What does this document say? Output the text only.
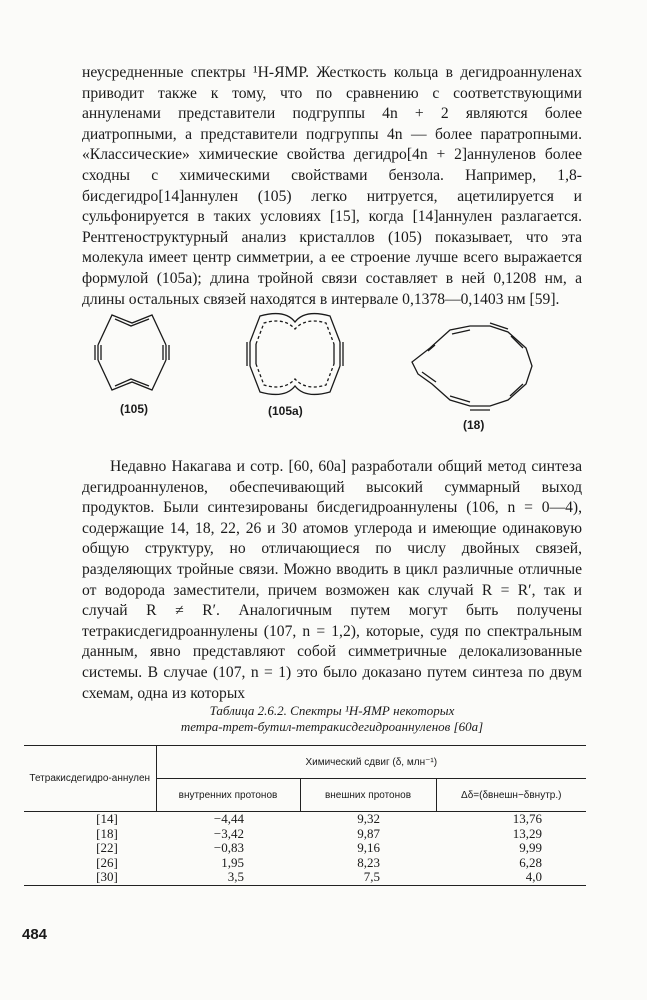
неусредненные спектры ¹H-ЯМР. Жесткость кольца в дегидроаннуленах приводит также к тому, что по сравнению с соответствующими аннуленами представители подгруппы 4n + 2 являются более диатропными, а представители подгруппы 4n — более паратропными. «Классические» химические свойства дегидро[4n + 2]аннуленов более сходны с химическими свойствами бензола. Например, 1,8-бисдегидро[14]аннулен (105) легко нитруется, ацетилируется и сульфонируется в таких условиях [15], когда [14]аннулен разлагается. Рентгеноструктурный анализ кристаллов (105) показывает, что эта молекула имеет центр симметрии, а ее строение лучше всего выражается формулой (105а); длина тройной связи составляет в ней 0,1208 нм, а длины остальных связей находятся в интервале 0,1378—0,1403 нм [59].

(105)	(105a)
(18)

Недавно Накагава и сотр. [60, 60а] разработали общий метод синтеза дегидроаннуленов, обеспечивающий высокий суммарный выход продуктов. Были синтезированы бисдегидроаннулены (106, n = 0—4), содержащие 14, 18, 22, 26 и 30 атомов углерода и имеющие одинаковую общую структуру, но отличающиеся по числу двойных связей, разделяющих тройные связи. Можно вводить в цикл различные отличные от водорода заместители, причем возможен как случай R = R′, так и случай R ≠ R′. Аналогичным путем могут быть получены тетракисдегидроаннулены (107, n = 1,2), которые, судя по спектральным данным, явно представляют собой симметричные делокализованные системы. В случае (107, n = 1) это было доказано путем синтеза по двум схемам, одна из которых

Таблица 2.6.2. Спектры ¹H-ЯМР некоторых
тетра-трет-бутил-тетракисдегидроаннуленов [60а]
Тетракисдегидро-аннулен	Химический сдвиг (δ, млн⁻¹)		
	внутренних протонов	внешних протонов	Δδ=(δвнешн−δвнутр.)
[14]	−4,44	9,32	13,76
[18]	−3,42	9,87	13,29
[22]	−0,83	9,16	9,99
[26]	1,95	8,23	6,28
[30]	3,5	7,5	4,0
484
